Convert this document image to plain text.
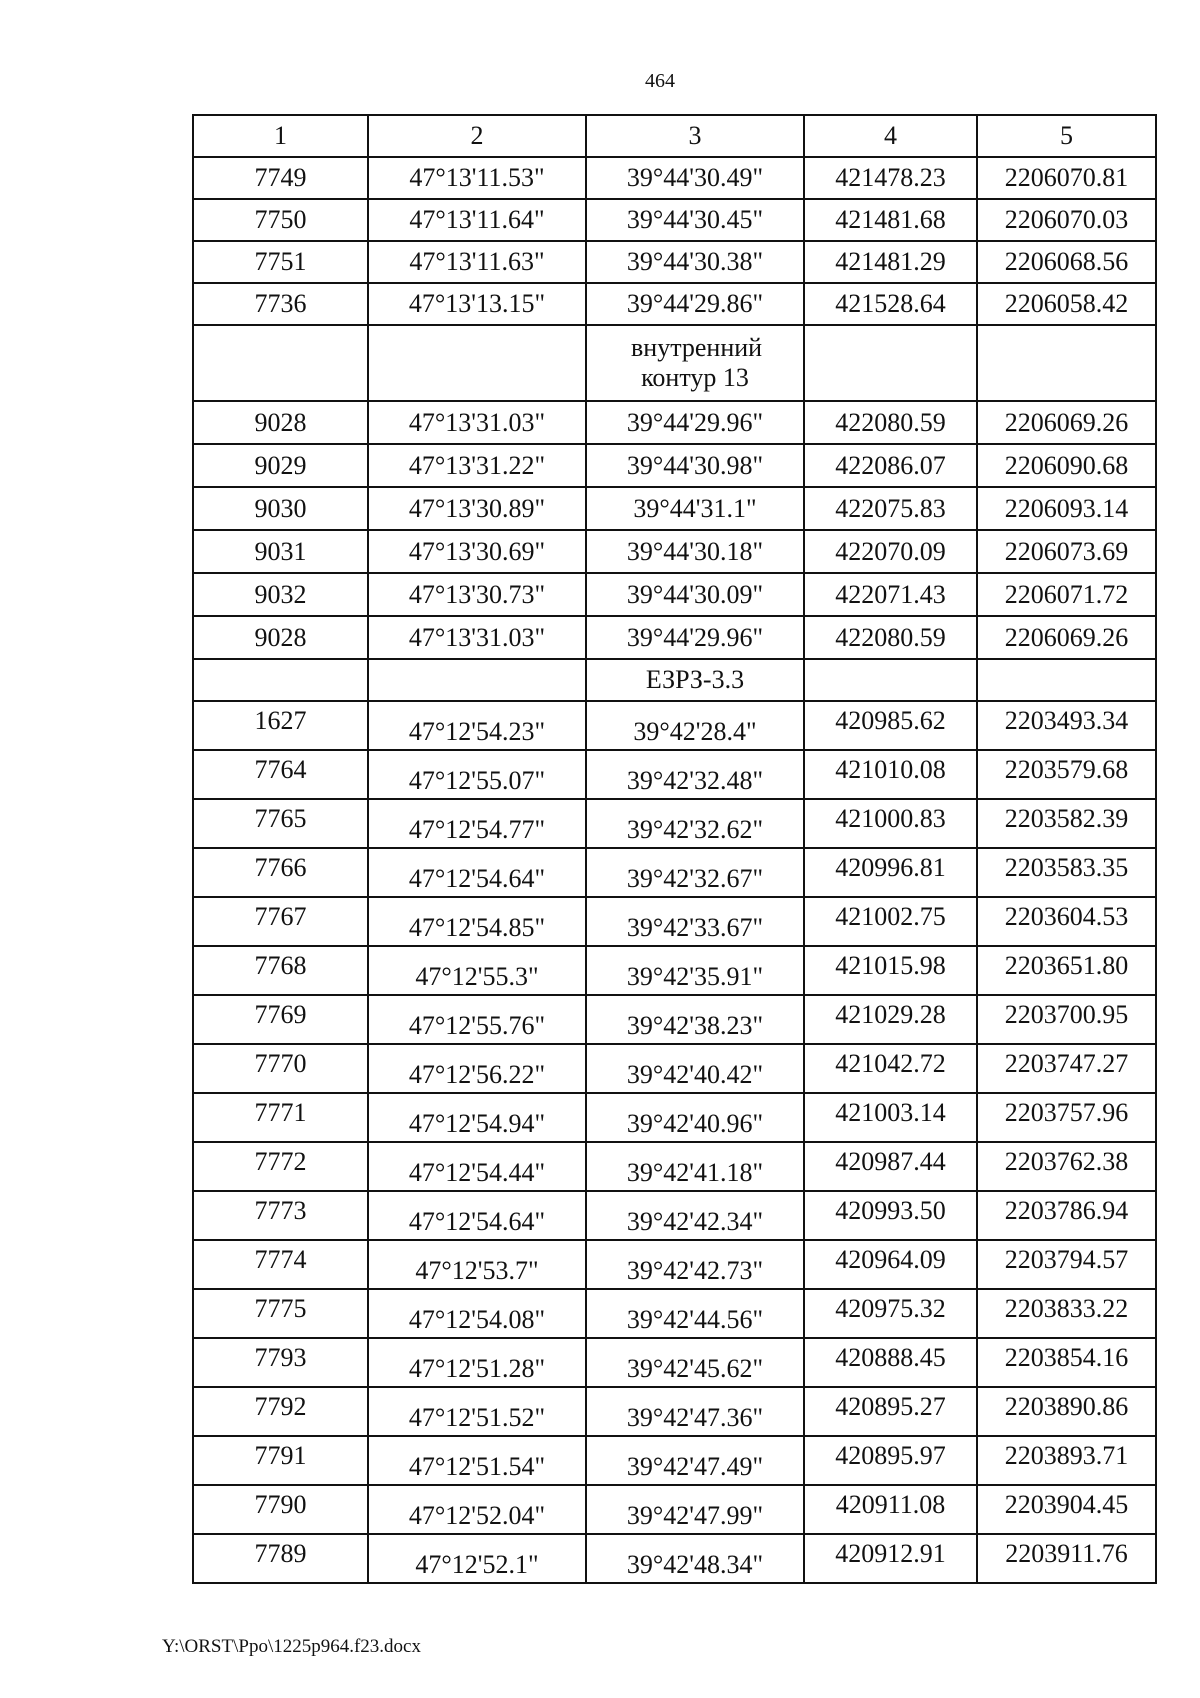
464
1	2	3	4	5
7749	47°13'11.53"	39°44'30.49"	421478.23	2206070.81
7750	47°13'11.64"	39°44'30.45"	421481.68	2206070.03
7751	47°13'11.63"	39°44'30.38"	421481.29	2206068.56
7736	47°13'13.15"	39°44'29.86"	421528.64	2206058.42
		внутренний контур 13		
9028	47°13'31.03"	39°44'29.96"	422080.59	2206069.26
9029	47°13'31.22"	39°44'30.98"	422086.07	2206090.68
9030	47°13'30.89"	39°44'31.1"	422075.83	2206093.14
9031	47°13'30.69"	39°44'30.18"	422070.09	2206073.69
9032	47°13'30.73"	39°44'30.09"	422071.43	2206071.72
9028	47°13'31.03"	39°44'29.96"	422080.59	2206069.26
		ЕЗРЗ-3.3		
1627	47°12'54.23"	39°42'28.4"	420985.62	2203493.34
7764	47°12'55.07"	39°42'32.48"	421010.08	2203579.68
7765	47°12'54.77"	39°42'32.62"	421000.83	2203582.39
7766	47°12'54.64"	39°42'32.67"	420996.81	2203583.35
7767	47°12'54.85"	39°42'33.67"	421002.75	2203604.53
7768	47°12'55.3"	39°42'35.91"	421015.98	2203651.80
7769	47°12'55.76"	39°42'38.23"	421029.28	2203700.95
7770	47°12'56.22"	39°42'40.42"	421042.72	2203747.27
7771	47°12'54.94"	39°42'40.96"	421003.14	2203757.96
7772	47°12'54.44"	39°42'41.18"	420987.44	2203762.38
7773	47°12'54.64"	39°42'42.34"	420993.50	2203786.94
7774	47°12'53.7"	39°42'42.73"	420964.09	2203794.57
7775	47°12'54.08"	39°42'44.56"	420975.32	2203833.22
7793	47°12'51.28"	39°42'45.62"	420888.45	2203854.16
7792	47°12'51.52"	39°42'47.36"	420895.27	2203890.86
7791	47°12'51.54"	39°42'47.49"	420895.97	2203893.71
7790	47°12'52.04"	39°42'47.99"	420911.08	2203904.45
7789	47°12'52.1"	39°42'48.34"	420912.91	2203911.76
Y:\ORST\Ppo\1225p964.f23.docx
